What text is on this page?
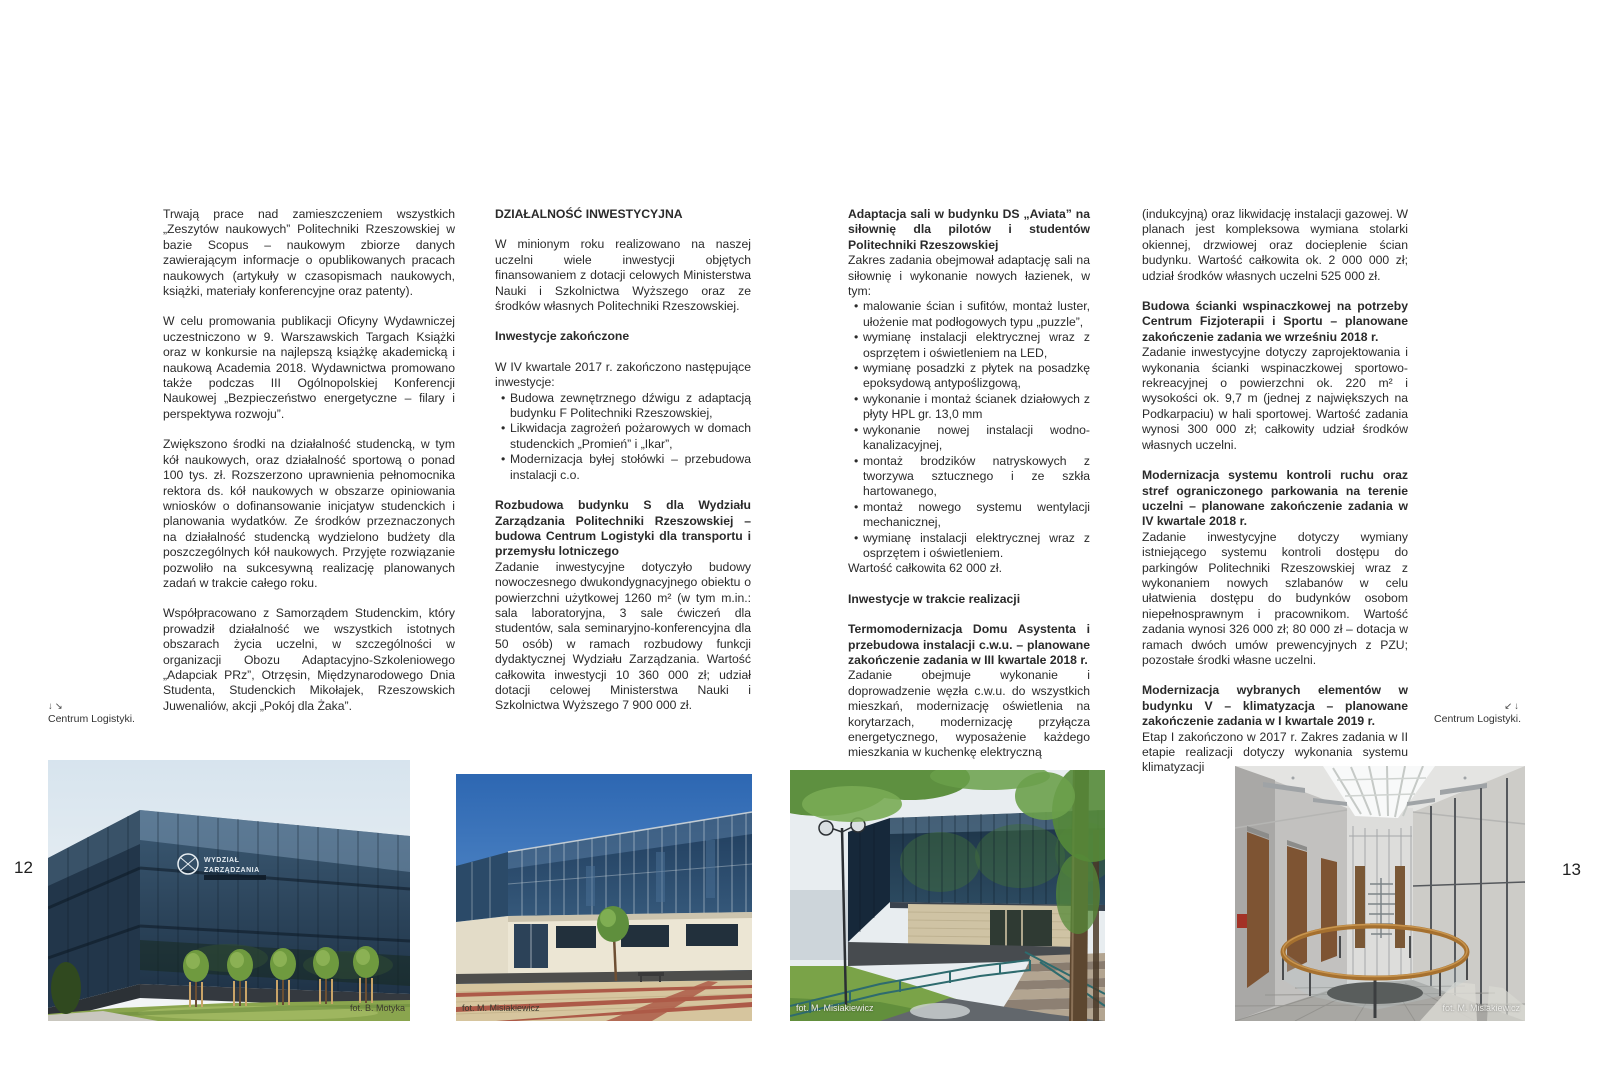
12	13
Trwają prace nad zamieszczeniem wszystkich „Zeszytów naukowych” Politechniki Rzeszowskiej w bazie Scopus – naukowym zbiorze danych zawierającym informacje o opublikowanych pracach naukowych (artykuły w czasopismach naukowych, książki, materiały konferencyjne oraz patenty).
W celu promowania publikacji Oficyny Wydawniczej uczestniczono w 9. Warszawskich Targach Książki oraz w konkursie na najlepszą książkę akademicką i naukową Academia 2018. Wydawnictwa promowano także podczas III Ogólnopolskiej Konferencji Naukowej „Bezpieczeństwo energetyczne – filary i perspektywa rozwoju”.
Zwiększono środki na działalność studencką, w tym kół naukowych, oraz działalność sportową o ponad 100 tys. zł. Rozszerzono uprawnienia pełnomocnika rektora ds. kół naukowych w obszarze opiniowania wniosków o dofinansowanie inicjatyw studenckich i planowania wydatków. Ze środków przeznaczonych na działalność studencką wydzielono budżety dla poszczególnych kół naukowych. Przyjęte rozwiązanie pozwoliło na sukcesywną realizację planowanych zadań w trakcie całego roku.
Współpracowano z Samorządem Studenckim, który prowadził działalność we wszystkich istotnych obszarach życia uczelni, w szczególności w organizacji Obozu Adaptacyjno-Szkoleniowego „Adapciak PRz”, Otrzęsin, Międzynarodowego Dnia Studenta, Studenckich Mikołajek, Rzeszowskich Juwenaliów, akcji „Pokój dla Żaka”.
DZIAŁALNOŚĆ INWESTYCYJNA
W minionym roku realizowano na naszej uczelni wiele inwestycji objętych finansowaniem z dotacji celowych Ministerstwa Nauki i Szkolnictwa Wyższego oraz ze środków własnych Politechniki Rzeszowskiej.
Inwestycje zakończone
W IV kwartale 2017 r. zakończono następujące inwestycje:
• Budowa zewnętrznego dźwigu z adaptacją budynku F Politechniki Rzeszowskiej,
• Likwidacja zagrożeń pożarowych w domach studenckich „Promień” i „Ikar”,
• Modernizacja byłej stołówki – przebudowa instalacji c.o.
Rozbudowa budynku S dla Wydziału Zarządzania Politechniki Rzeszowskiej – budowa Centrum Logistyki dla transportu i przemysłu lotniczego
Zadanie inwestycyjne dotyczyło budowy nowoczesnego dwukondygnacyjnego obiektu o powierzchni użytkowej 1260 m² (w tym m.in.: sala laboratoryjna, 3 sale ćwiczeń dla studentów, sala seminaryjno-konferencyjna dla 50 osób) w ramach rozbudowy funkcji dydaktycznej Wydziału Zarządzania. Wartość całkowita inwestycji 10 360 000 zł; udział dotacji celowej Ministerstwa Nauki i Szkolnictwa Wyższego 7 900 000 zł.
Adaptacja sali w budynku DS „Aviata” na siłownię dla pilotów i studentów Politechniki Rzeszowskiej
Zakres zadania obejmował adaptację sali na siłownię i wykonanie nowych łazienek, w tym:
• malowanie ścian i sufitów, montaż luster, ułożenie mat podłogowych typu „puzzle”,
• wymianę instalacji elektrycznej wraz z osprzętem i oświetleniem na LED,
• wymianę posadzki z płytek na posadzkę epoksydową antypoślizgową,
• wykonanie i montaż ścianek działowych z płyty HPL gr. 13,0 mm
• wykonanie nowej instalacji wodno-kanalizacyjnej,
• montaż brodzików natryskowych z tworzywa sztucznego i ze szkła hartowanego,
• montaż nowego systemu wentylacji mechanicznej,
• wymianę instalacji elektrycznej wraz z osprzętem i oświetleniem.
Wartość całkowita 62 000 zł.
Inwestycje w trakcie realizacji
Termomodernizacja Domu Asystenta i przebudowa instalacji c.w.u. – planowane zakończenie zadania w III kwartale 2018 r.
Zadanie obejmuje wykonanie i doprowadzenie węzła c.w.u. do wszystkich mieszkań, modernizację oświetlenia na korytarzach, modernizację przyłącza energetycznego, wyposażenie każdego mieszkania w kuchenkę elektryczną
(indukcyjną) oraz likwidację instalacji gazowej. W planach jest kompleksowa wymiana stolarki okiennej, drzwiowej oraz docieplenie ścian budynku. Wartość całkowita ok. 2 000 000 zł; udział środków własnych uczelni 525 000 zł.
Budowa ścianki wspinaczkowej na potrzeby Centrum Fizjoterapii i Sportu – planowane zakończenie zadania we wrześniu 2018 r.
Zadanie inwestycyjne dotyczy zaprojektowania i wykonania ścianki wspinaczkowej sportowo-rekreacyjnej o powierzchni ok. 220 m² i wysokości ok. 9,7 m (jednej z największych na Podkarpaciu) w hali sportowej. Wartość zadania wynosi 300 000 zł; całkowity udział środków własnych uczelni.
Modernizacja systemu kontroli ruchu oraz stref ograniczonego parkowania na terenie uczelni – planowane zakończenie zadania w IV kwartale 2018 r.
Zadanie inwestycyjne dotyczy wymiany istniejącego systemu kontroli dostępu do parkingów Politechniki Rzeszowskiej wraz z wykonaniem nowych szlabanów w celu ułatwienia dostępu do budynków osobom niepełnosprawnym i pracownikom. Wartość zadania wynosi 326 000 zł; 80 000 zł – dotacja w ramach dwóch umów prewencyjnych z PZU; pozostałe środki własne uczelni.
Modernizacja wybranych elementów w budynku V – klimatyzacja – planowane zakończenie zadania w I kwartale 2019 r.
Etap I zakończono w 2017 r. Zakres zadania w II etapie realizacji dotyczy wykonania systemu klimatyzacji
↓↘
Centrum Logistyki.
↙↓
Centrum Logistyki.
WYDZIAŁ
ZARZĄDZANIA
fot. B. Motyka	fot. M. Misiakiewicz	fot. M. Misiakiewicz	fot. M. Misiakiewicz
